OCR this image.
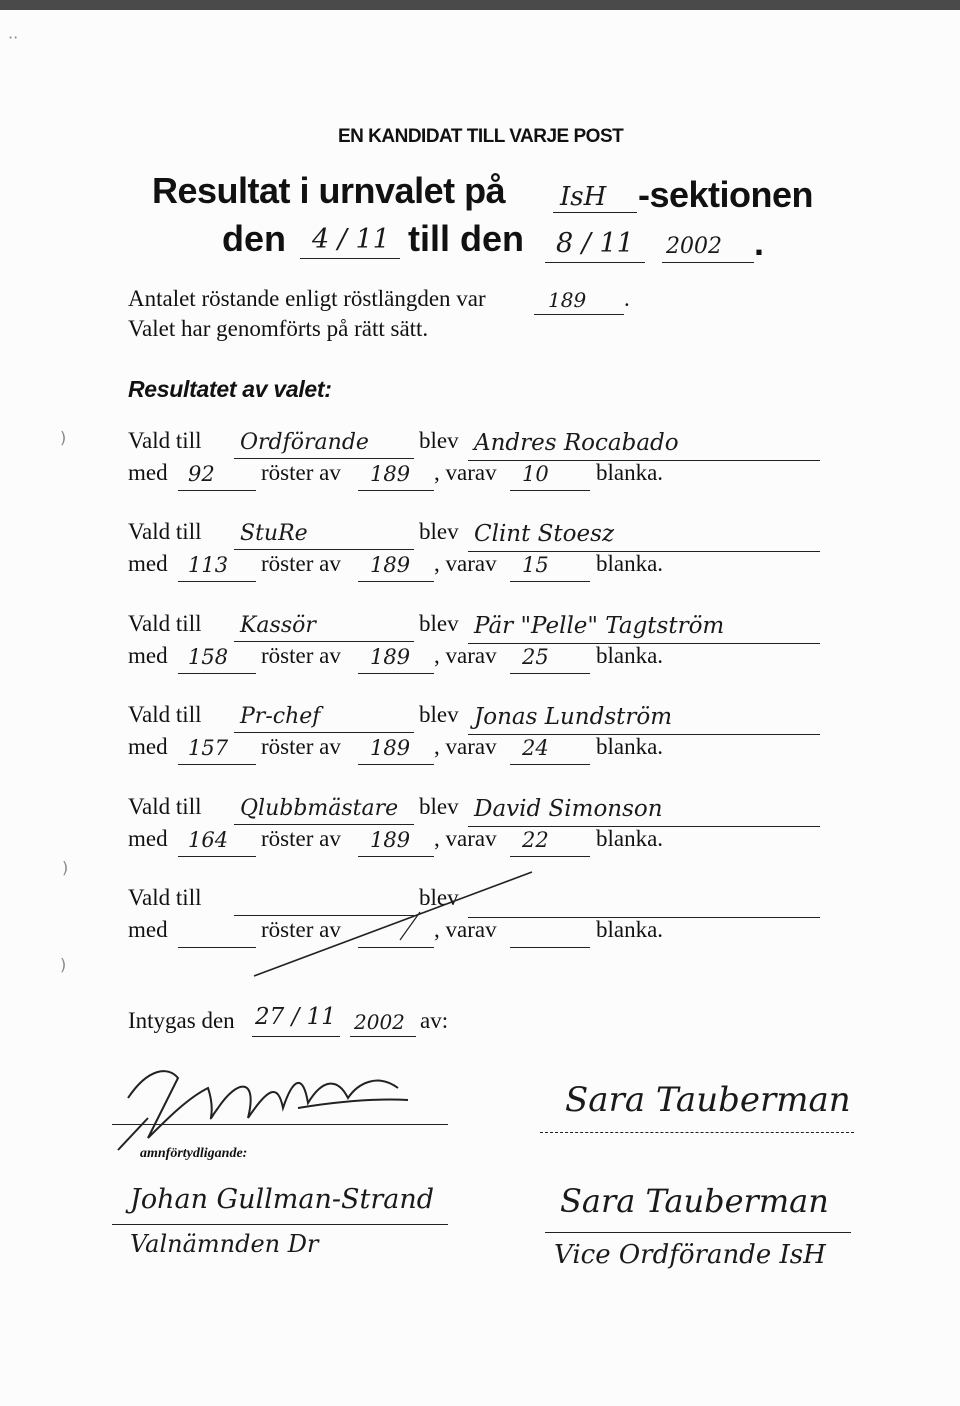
··
)
)
)
EN KANDIDAT TILL VARJE POST
Resultat i urnvalet på IsH -sektionen
den 4 / 11 till den 8 / 11 2002 .
Antalet röstande enligt röstlängden var	189 .
Valet har genomförts på rätt sätt.
Resultatet av valet:
Vald till Ordförande blev Andres Rocabado
med 92 röster av 189 , varav 10 blanka.
Vald till StuRe	blev Clint Stoesz
med 113 röster av 189 , varav 15 blanka.
Vald till Kassör	blev Pär "Pelle" Tagtström
med 158 röster av 189 , varav 25 blanka.
Vald till Pr-chef	blev Jonas Lundström
med 157 röster av 189 , varav 24 blanka.
Vald till Qlubbmästare blev David Simonson
med 164 röster av 189 , varav 22 blanka.
Vald till	blev
med	röster av	, varav	blanka.
Intygas den 27 / 11 2002 av:
amnförtydligande:
Johan Gullman-Strand
Valnämnden Dr
Sara Tauberman
Sara Tauberman
Vice Ordförande IsH
